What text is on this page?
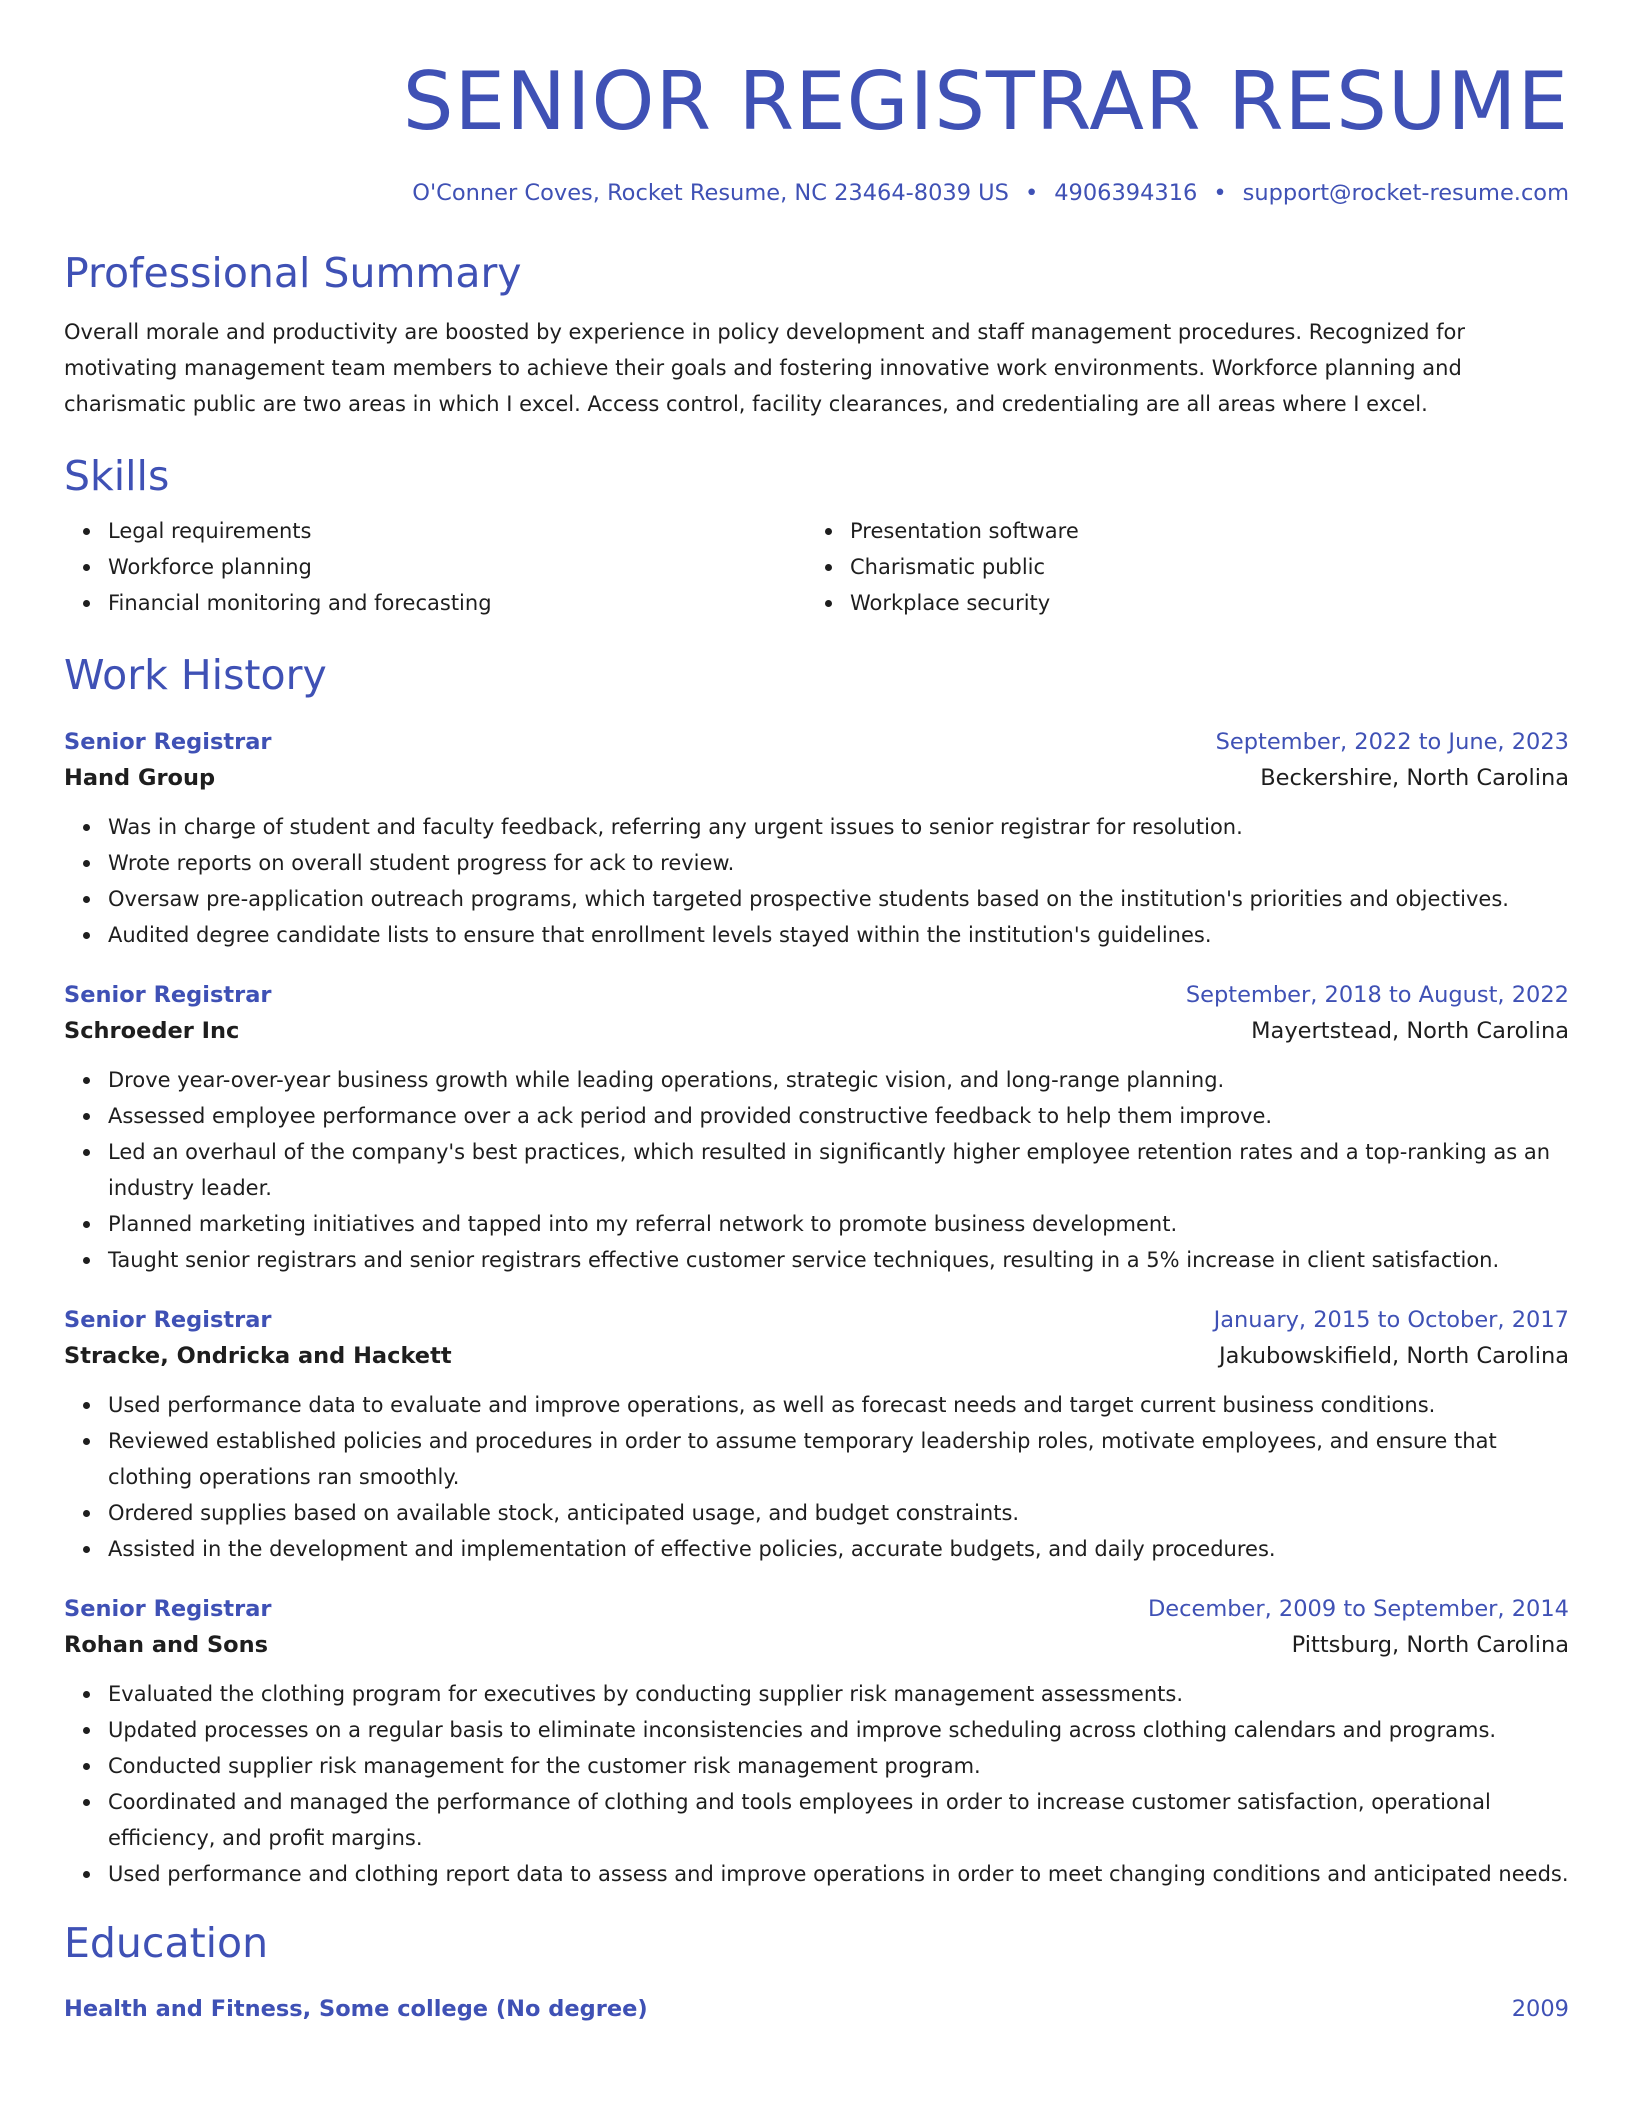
SENIOR REGISTRAR RESUME
O'Conner Coves, Rocket Resume, NC 23464-8039 US • 4906394316 • support@rocket-resume.com
Professional Summary

Overall morale and productivity are boosted by experience in policy development and staff management procedures. Recognized for motivating management team members to achieve their goals and fostering innovative work environments. Workforce planning and charismatic public are two areas in which I excel. Access control, facility clearances, and credentialing are all areas where I excel.

Skills
Legal requirements
Workforce planning
Financial monitoring and forecasting
Presentation software
Charismatic public
Workplace security
Work History
Senior Registrar	September, 2022 to June, 2023
Hand Group	Beckershire, North Carolina
Was in charge of student and faculty feedback, referring any urgent issues to senior registrar for resolution.
Wrote reports on overall student progress for ack to review.
Oversaw pre-application outreach programs, which targeted prospective students based on the institution's priorities and objectives.
Audited degree candidate lists to ensure that enrollment levels stayed within the institution's guidelines.
Senior Registrar	September, 2018 to August, 2022
Schroeder Inc	Mayertstead, North Carolina
Drove year-over-year business growth while leading operations, strategic vision, and long-range planning.
Assessed employee performance over a ack period and provided constructive feedback to help them improve.
Led an overhaul of the company's best practices, which resulted in significantly higher employee retention rates and a top-ranking as an industry leader.
Planned marketing initiatives and tapped into my referral network to promote business development.
Taught senior registrars and senior registrars effective customer service techniques, resulting in a 5% increase in client satisfaction.
Senior Registrar	January, 2015 to October, 2017
Stracke, Ondricka and Hackett	Jakubowskifield, North Carolina
Used performance data to evaluate and improve operations, as well as forecast needs and target current business conditions.
Reviewed established policies and procedures in order to assume temporary leadership roles, motivate employees, and ensure that clothing operations ran smoothly.
Ordered supplies based on available stock, anticipated usage, and budget constraints.
Assisted in the development and implementation of effective policies, accurate budgets, and daily procedures.
Senior Registrar	December, 2009 to September, 2014
Rohan and Sons	Pittsburg, North Carolina
Evaluated the clothing program for executives by conducting supplier risk management assessments.
Updated processes on a regular basis to eliminate inconsistencies and improve scheduling across clothing calendars and programs.
Conducted supplier risk management for the customer risk management program.
Coordinated and managed the performance of clothing and tools employees in order to increase customer satisfaction, operational efficiency, and profit margins.
Used performance and clothing report data to assess and improve operations in order to meet changing conditions and anticipated needs.
Education
Health and Fitness, Some college (No degree)	2009
